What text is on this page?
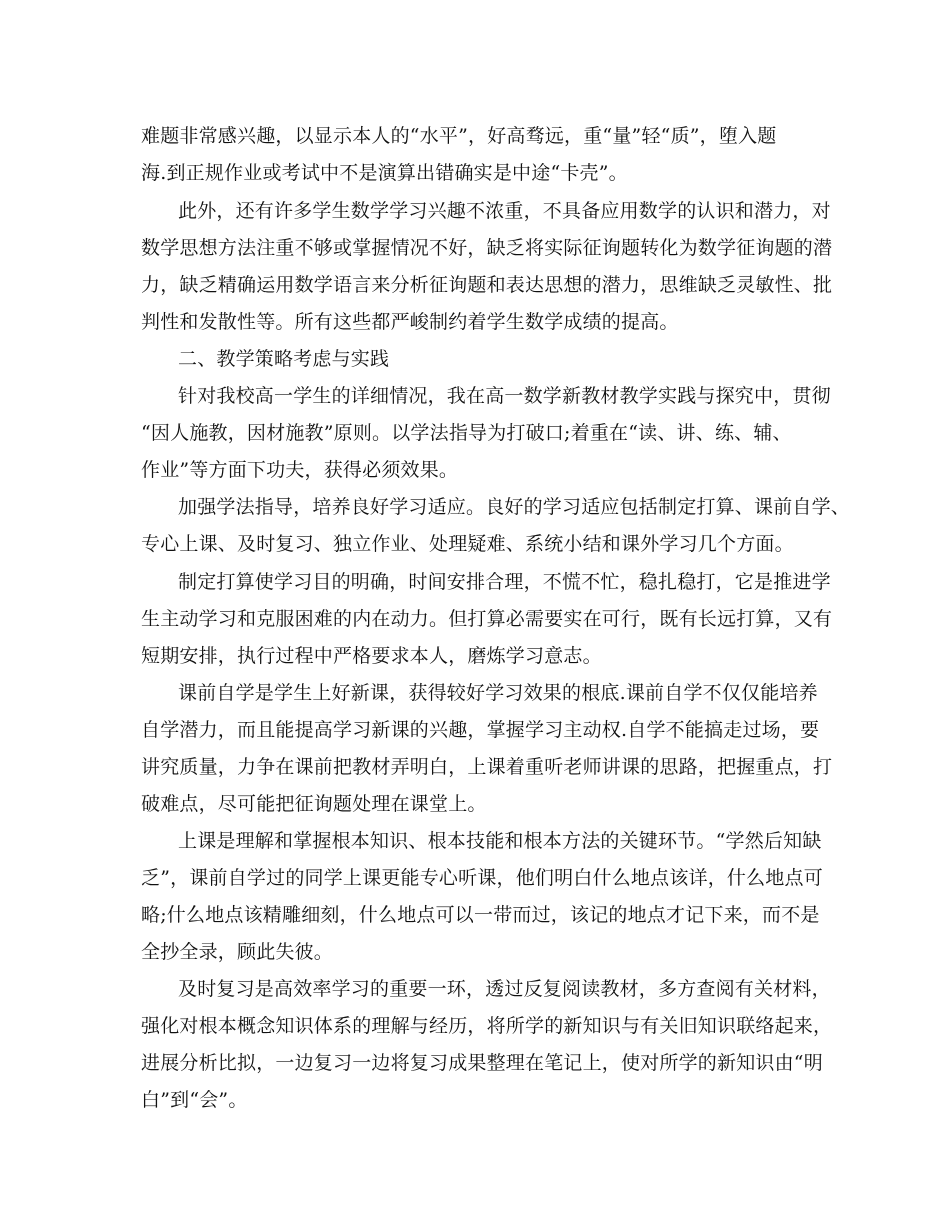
难题非常感兴趣，以显示本人的“水平”，好高骛远，重“量”轻“质”，堕入题
海.到正规作业或考试中不是演算出错确实是中途“卡壳”。
此外，还有许多学生数学学习兴趣不浓重，不具备应用数学的认识和潜力，对
数学思想方法注重不够或掌握情况不好，缺乏将实际征询题转化为数学征询题的潜
力，缺乏精确运用数学语言来分析征询题和表达思想的潜力，思维缺乏灵敏性、批
判性和发散性等。所有这些都严峻制约着学生数学成绩的提高。
二、教学策略考虑与实践
针对我校高一学生的详细情况，我在高一数学新教材教学实践与探究中，贯彻
“因人施教，因材施教”原则。以学法指导为打破口;着重在“读、讲、练、辅、
作业”等方面下功夫，获得必须效果。
加强学法指导，培养良好学习适应。良好的学习适应包括制定打算、课前自学、
专心上课、及时复习、独立作业、处理疑难、系统小结和课外学习几个方面。
制定打算使学习目的明确，时间安排合理，不慌不忙，稳扎稳打，它是推进学
生主动学习和克服困难的内在动力。但打算必需要实在可行，既有长远打算，又有
短期安排，执行过程中严格要求本人，磨炼学习意志。
课前自学是学生上好新课，获得较好学习效果的根底.课前自学不仅仅能培养
自学潜力，而且能提高学习新课的兴趣，掌握学习主动权.自学不能搞走过场，要
讲究质量，力争在课前把教材弄明白，上课着重听老师讲课的思路，把握重点，打
破难点，尽可能把征询题处理在课堂上。
上课是理解和掌握根本知识、根本技能和根本方法的关键环节。“学然后知缺
乏”，课前自学过的同学上课更能专心听课，他们明白什么地点该详，什么地点可
略;什么地点该精雕细刻，什么地点可以一带而过，该记的地点才记下来，而不是
全抄全录，顾此失彼。
及时复习是高效率学习的重要一环，透过反复阅读教材，多方查阅有关材料，
强化对根本概念知识体系的理解与经历，将所学的新知识与有关旧知识联络起来，
进展分析比拟，一边复习一边将复习成果整理在笔记上，使对所学的新知识由“明
白”到“会”。
